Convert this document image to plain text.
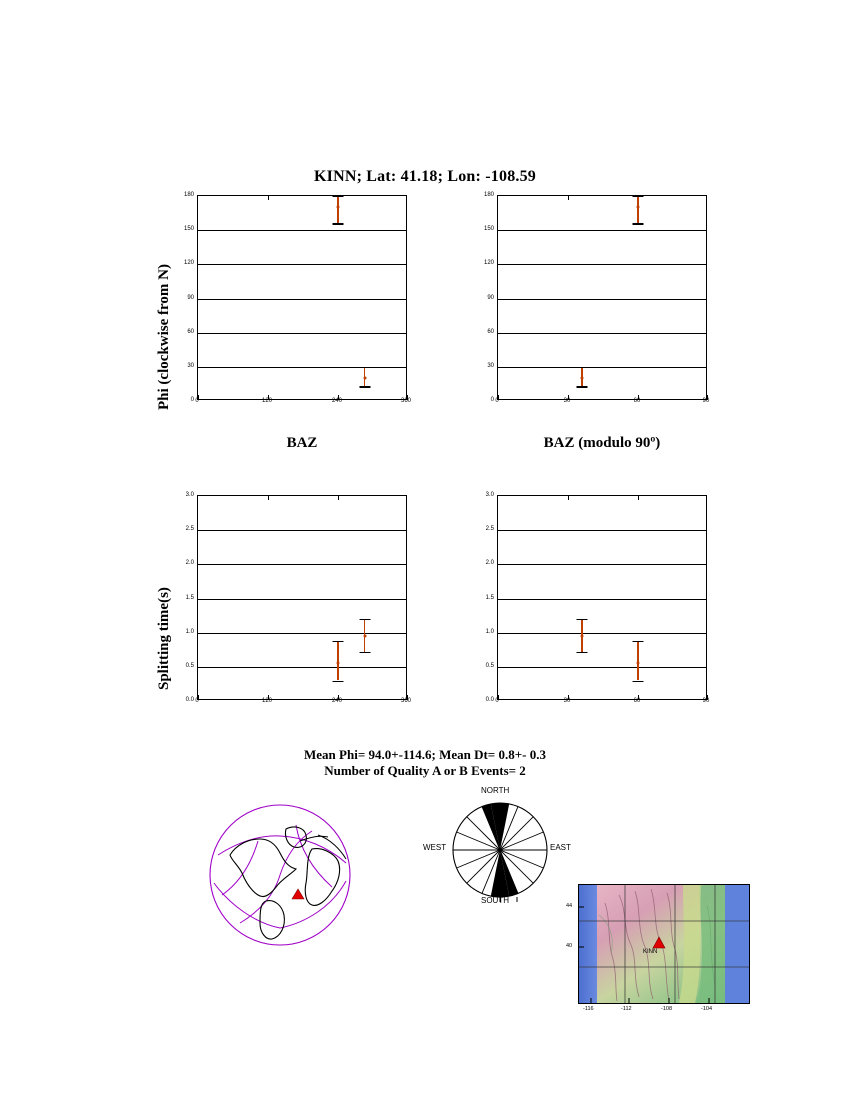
KINN; Lat: 41.18; Lon: -108.59
Phi (clockwise from N)
Splitting time(s)
0	120	240	360
0
30
60
90
120
150
180
0	30	60	90
0
30
60
90
120
150
180
BAZ	BAZ (modulo 90º)
0	120	240	360
0.0
0.5
1.0
1.5
2.0
2.5
3.0
0	30	60	90
0.0
0.5
1.0
1.5
2.0
2.5
3.0
Mean Phi= 94.0+-114.6; Mean Dt= 0.8+- 0.3
Number of Quality A or B Events= 2
NORTH
SOUTH
EAST
WEST
KINN
-116	-112	-108	-104
44
40
